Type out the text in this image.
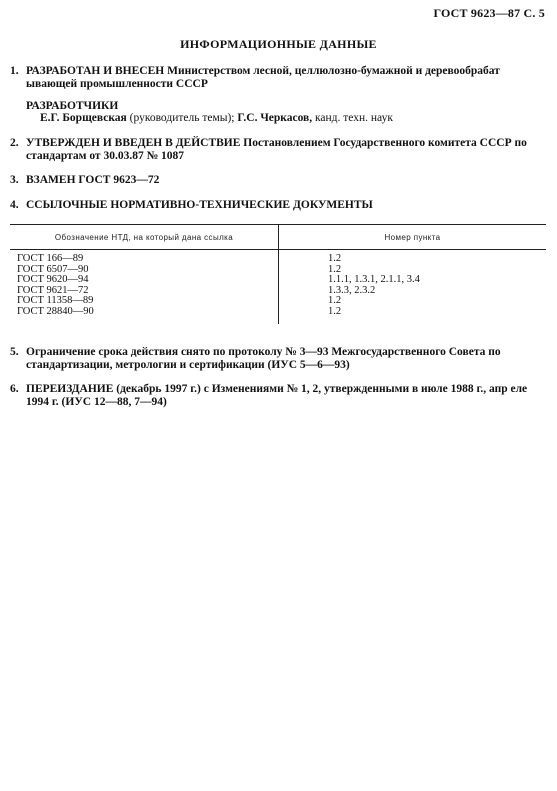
ГОСТ 9623—87 С. 5
ИНФОРМАЦИОННЫЕ ДАННЫЕ
1. РАЗРАБОТАН И ВНЕСЕН Министерством лесной, целлюлозно-бумажной и деревообрабат ывающей промышленности СССР
РАЗРАБОТЧИКИ
Е.Г. Борщевская (руководитель темы); Г.С. Черкасов, канд. техн. наук
2. УТВЕРЖДЕН И ВВЕДЕН В ДЕЙСТВИЕ Постановлением Государственного комитета СССР по стандартам от 30.03.87 № 1087
3. ВЗАМЕН ГОСТ 9623—72
4. ССЫЛОЧНЫЕ НОРМАТИВНО-ТЕХНИЧЕСКИЕ ДОКУМЕНТЫ
Обозначение НТД, на который дана ссылка	Номер пункта
ГОСТ 166—89	1.2
ГОСТ 6507—90	1.2
ГОСТ 9620—94	1.1.1, 1.3.1, 2.1.1, 3.4
ГОСТ 9621—72	1.3.3, 2.3.2
ГОСТ 11358—89	1.2
ГОСТ 28840—90	1.2
5. Ограничение срока действия снято по протоколу № 3—93 Межгосударственного Совета по стандартизации, метрологии и сертификации (ИУС 5—6—93)
6. ПЕРЕИЗДАНИЕ (декабрь 1997 г.) с Изменениями № 1, 2, утвержденными в июле 1988 г., апр еле 1994 г. (ИУС 12—88, 7—94)
